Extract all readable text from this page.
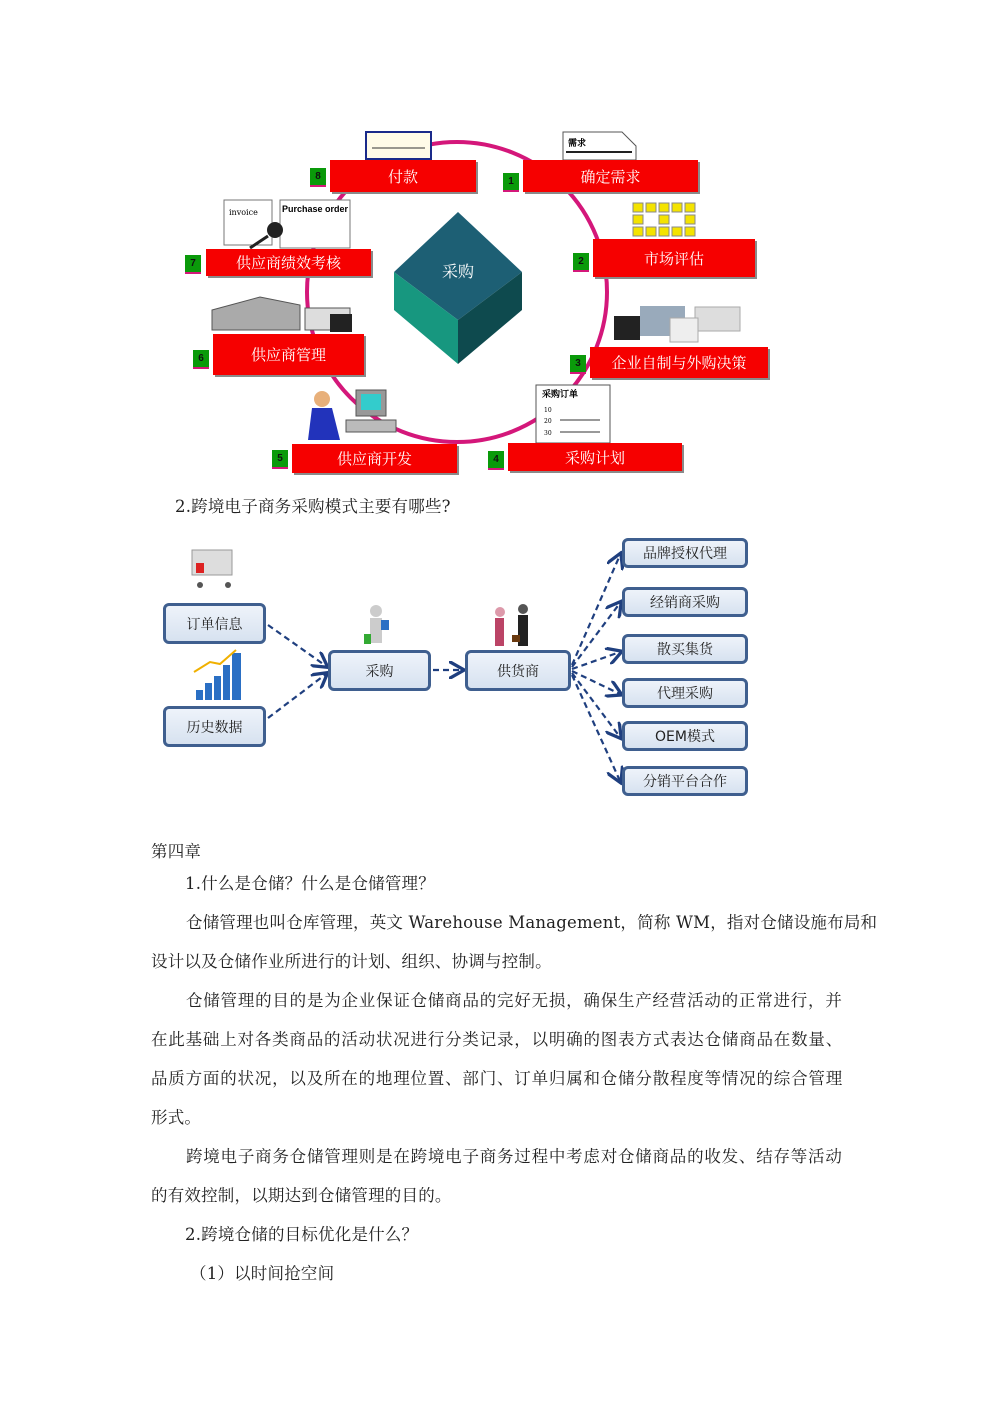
需求
invoice	Purchase order
采购订单
10
20
30
采购
1	确定需求
2	市场评估
3	企业自制与外购决策
4	采购计划
5	供应商开发
6	供应商管理
7	供应商绩效考核
8	付款
2.跨境电子商务采购模式主要有哪些?
订单信息
历史数据
采购	供货商
品牌授权代理
经销商采购
散买集货
代理采购
OEM模式
分销平台合作
第四章
1.什么是仓储？什么是仓储管理？
仓储管理也叫仓库管理，英文 Warehouse Management，简称 WM，指对仓储设施布局和
设计以及仓储作业所进行的计划、组织、协调与控制。
仓储管理的目的是为企业保证仓储商品的完好无损，确保生产经营活动的正常进行，并
在此基础上对各类商品的活动状况进行分类记录，以明确的图表方式表达仓储商品在数量、
品质方面的状况，以及所在的地理位置、部门、订单归属和仓储分散程度等情况的综合管理
形式。
跨境电子商务仓储管理则是在跨境电子商务过程中考虑对仓储商品的收发、结存等活动
的有效控制，以期达到仓储管理的目的。
2.跨境仓储的目标优化是什么？
（1）以时间抢空间
